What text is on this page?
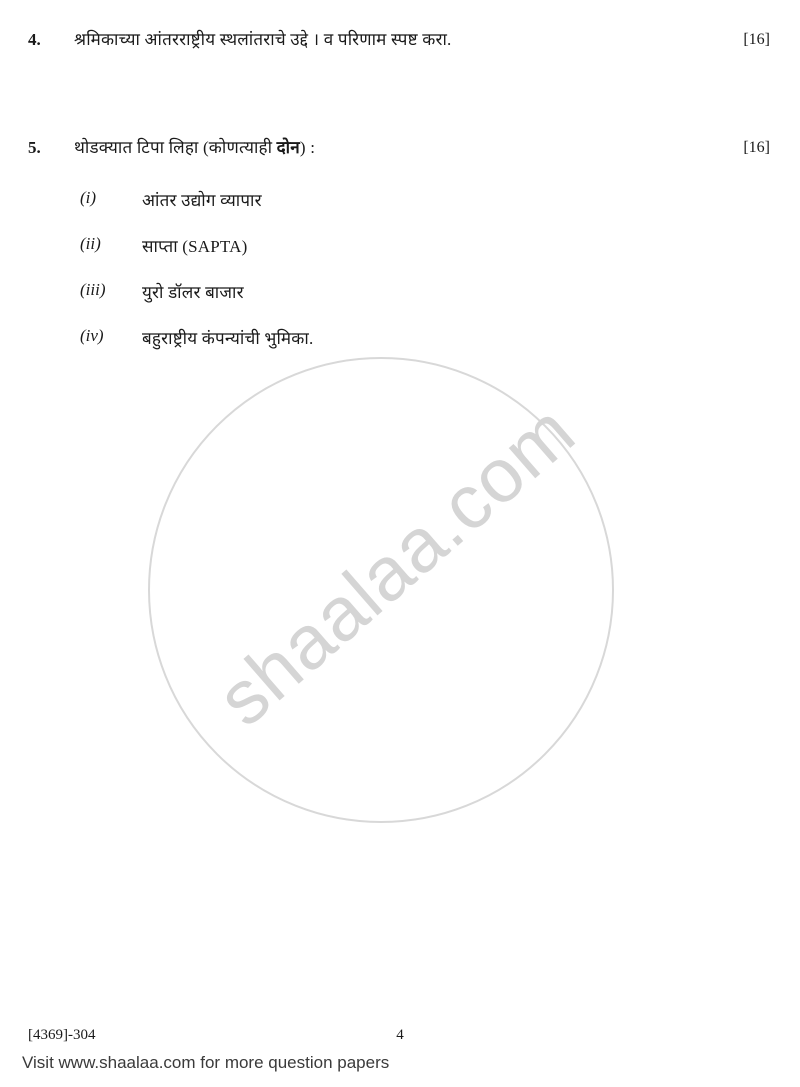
shaalaa.com
4.	श्रमिकाच्या आंतरराष्ट्रीय स्थलांतराचे उद्दे । व परिणाम स्पष्ट करा.	[16]
5.	थोडक्यात टिपा लिहा (कोणत्याही दोन) :	[16]
(i)	आंतर उद्योग व्यापार
(ii)	साप्ता (SAPTA)
(iii)	युरो डॉलर बाजार
(iv)	बहुराष्ट्रीय कंपन्यांची भुमिका.
[4369]-304	4
Visit www.shaalaa.com for more question papers
